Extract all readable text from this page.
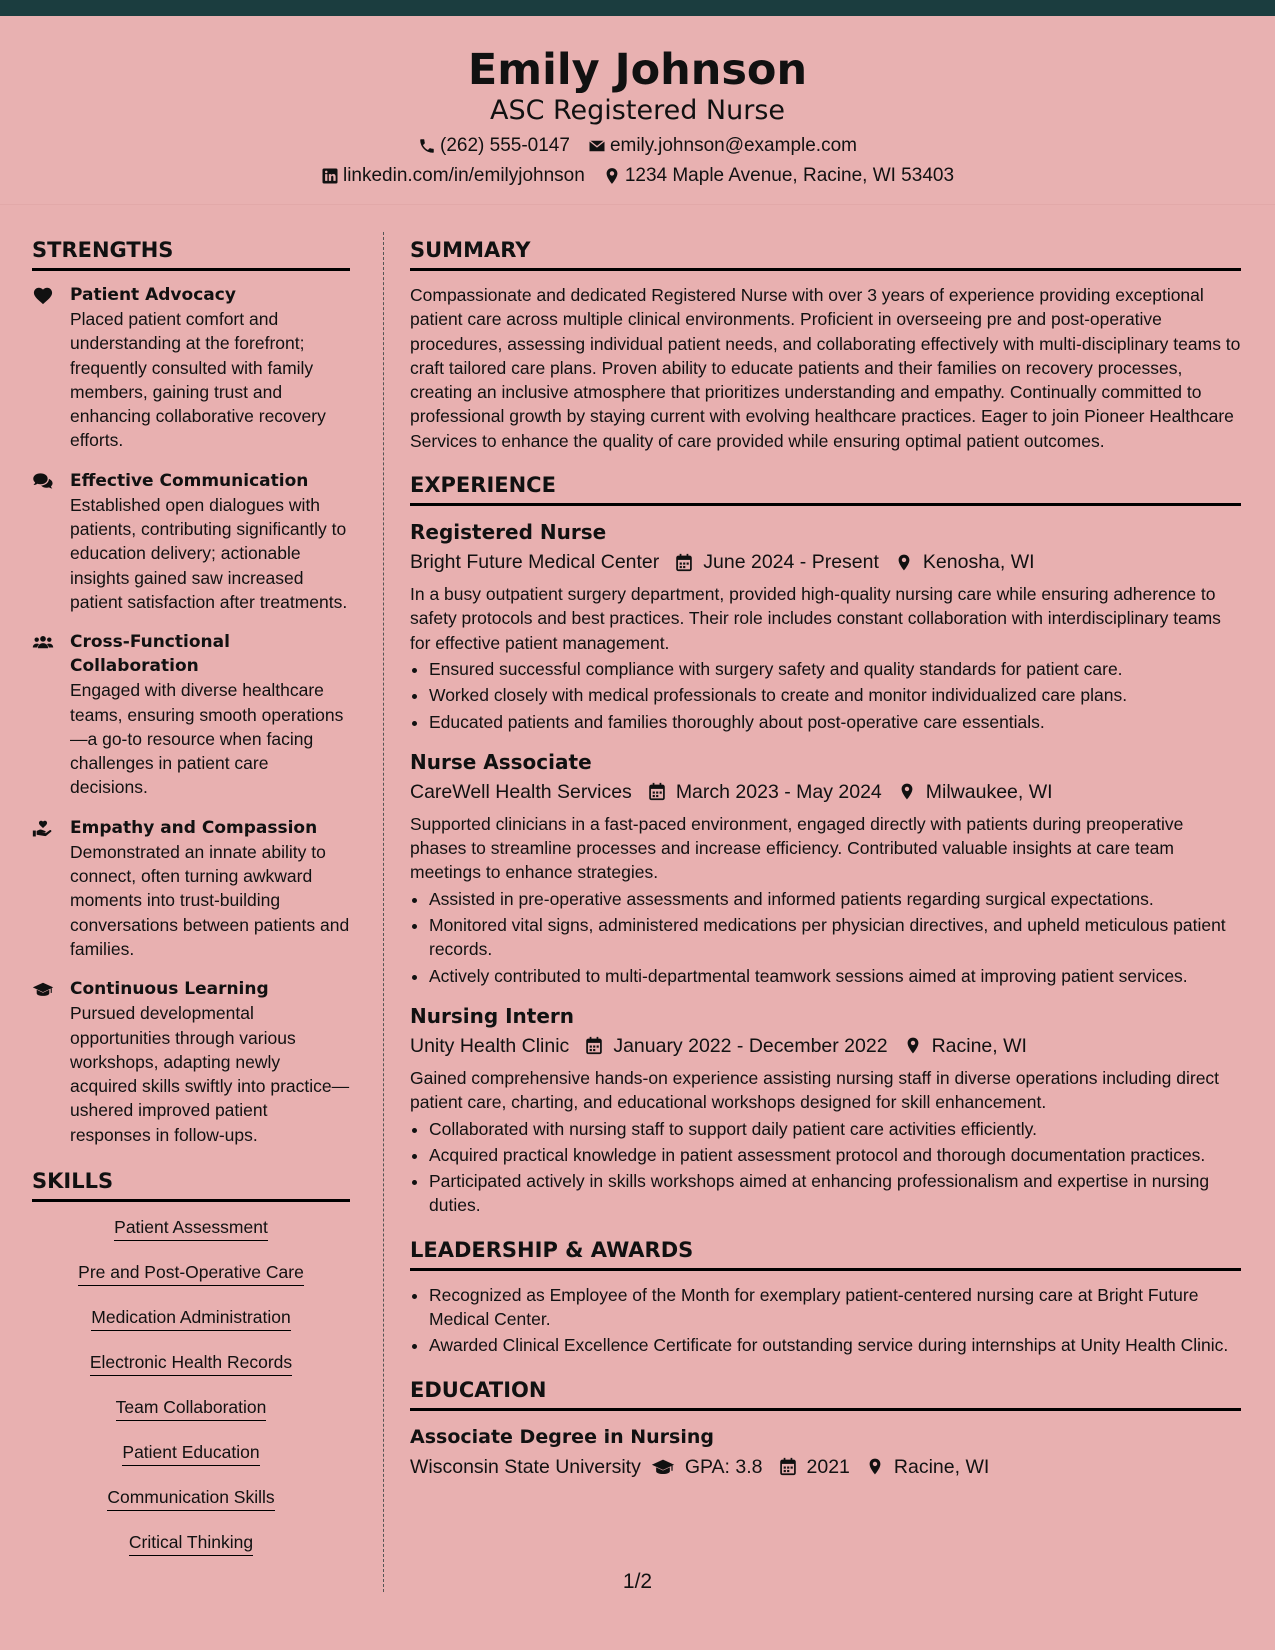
Emily Johnson
ASC Registered Nurse
(262) 555-0147 emily.johnson@example.com
linkedin.com/in/emilyjohnson 1234 Maple Avenue, Racine, WI 53403
STRENGTHS
Patient Advocacy
Placed patient comfort and understanding at the forefront; frequently consulted with family members, gaining trust and enhancing collaborative recovery efforts.
Effective Communication
Established open dialogues with patients, contributing significantly to education delivery; actionable insights gained saw increased patient satisfaction after treatments.
Cross-Functional Collaboration
Engaged with diverse healthcare teams, ensuring smooth operations—a go-to resource when facing challenges in patient care decisions.
Empathy and Compassion
Demonstrated an innate ability to connect, often turning awkward moments into trust-building conversations between patients and families.
Continuous Learning
Pursued developmental opportunities through various workshops, adapting newly acquired skills swiftly into practice—ushered improved patient responses in follow-ups.
SKILLS
Patient Assessment
Pre and Post-Operative Care
Medication Administration
Electronic Health Records
Team Collaboration
Patient Education
Communication Skills
Critical Thinking
SUMMARY
Compassionate and dedicated Registered Nurse with over 3 years of experience providing exceptional patient care across multiple clinical environments. Proficient in overseeing pre and post-operative procedures, assessing individual patient needs, and collaborating effectively with multi-disciplinary teams to craft tailored care plans. Proven ability to educate patients and their families on recovery processes, creating an inclusive atmosphere that prioritizes understanding and empathy. Continually committed to professional growth by staying current with evolving healthcare practices. Eager to join Pioneer Healthcare Services to enhance the quality of care provided while ensuring optimal patient outcomes.
EXPERIENCE
Registered Nurse
Bright Future Medical Center June 2024 - Present Kenosha, WI
In a busy outpatient surgery department, provided high-quality nursing care while ensuring adherence to safety protocols and best practices. Their role includes constant collaboration with interdisciplinary teams for effective patient management.
• Ensured successful compliance with surgery safety and quality standards for patient care.
• Worked closely with medical professionals to create and monitor individualized care plans.
• Educated patients and families thoroughly about post-operative care essentials.
Nurse Associate
CareWell Health Services March 2023 - May 2024 Milwaukee, WI
Supported clinicians in a fast-paced environment, engaged directly with patients during preoperative phases to streamline processes and increase efficiency. Contributed valuable insights at care team meetings to enhance strategies.
• Assisted in pre-operative assessments and informed patients regarding surgical expectations.
• Monitored vital signs, administered medications per physician directives, and upheld meticulous patient records.
• Actively contributed to multi-departmental teamwork sessions aimed at improving patient services.
Nursing Intern
Unity Health Clinic January 2022 - December 2022 Racine, WI
Gained comprehensive hands-on experience assisting nursing staff in diverse operations including direct patient care, charting, and educational workshops designed for skill enhancement.
• Collaborated with nursing staff to support daily patient care activities efficiently.
• Acquired practical knowledge in patient assessment protocol and thorough documentation practices.
• Participated actively in skills workshops aimed at enhancing professionalism and expertise in nursing duties.
LEADERSHIP & AWARDS
• Recognized as Employee of the Month for exemplary patient-centered nursing care at Bright Future Medical Center.
• Awarded Clinical Excellence Certificate for outstanding service during internships at Unity Health Clinic.
EDUCATION
Associate Degree in Nursing
Wisconsin State University GPA: 3.8 2021 Racine, WI
1/2
